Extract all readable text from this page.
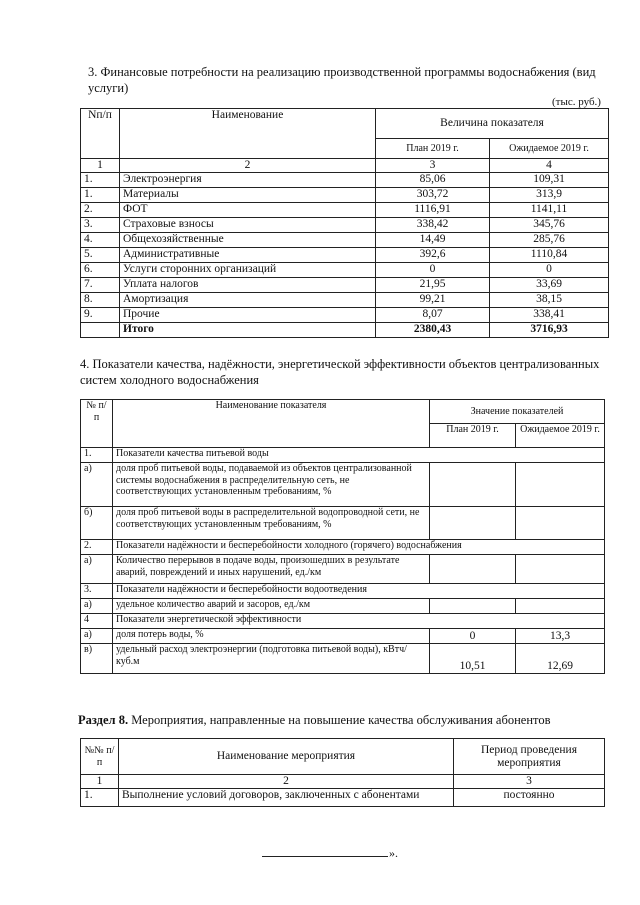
3. Финансовые потребности на реализацию производственной программы водоснабжения (вид услуги)
(тыс. руб.)
Nп/п	Наименование	Величина показателя	
		План 2019 г.	Ожидаемое 2019 г.
1	2	3	4
1.	Электроэнергия	85,06	109,31
1.	Материалы	303,72	313,9
2.	ФОТ	1116,91	1141,11
3.	Страховые взносы	338,42	345,76
4.	Общехозяйственные	14,49	285,76
5.	Административные	392,6	1110,84
6.	Услуги сторонних организаций	0	0
7.	Уплата налогов	21,95	33,69
8.	Амортизация	99,21	38,15
9.	Прочие	8,07	338,41
	Итого	2380,43	3716,93
4. Показатели качества, надёжности, энергетической эффективности объектов централизованных систем холодного водоснабжения
№ п/п	Наименование показателя	Значение показателей	
		План 2019 г.	Ожидаемое 2019 г.
1.	Показатели качества питьевой воды		
а)	доля проб питьевой воды, подаваемой из объектов централизованной системы водоснабжения в распределительную сеть, не соответствующих установленным требованиям, %		
б)	доля проб питьевой воды в распределительной водопроводной сети, не соответствующих установленным требованиям, %		
2.	Показатели надёжности и бесперебойности холодного (горячего) водоснабжения		
а)	Количество перерывов в подаче воды, произошедших в результате аварий, повреждений и иных нарушений, ед./км		
3.	Показатели надёжности и бесперебойности водоотведения		
а)	удельное количество аварий и засоров, ед./км		
4	Показатели энергетической эффективности		
а)	доля потерь воды, %	0	13,3
в)	удельный расход электроэнергии (подготовка питьевой воды), кВтч/куб.м	10,51	12,69
Раздел 8. Мероприятия, направленные на повышение качества обслуживания абонентов
№№ п/п	Наименование мероприятия	Период проведения мероприятия
1	2	3
1.	Выполнение условий договоров, заключенных с абонентами	постоянно
».
